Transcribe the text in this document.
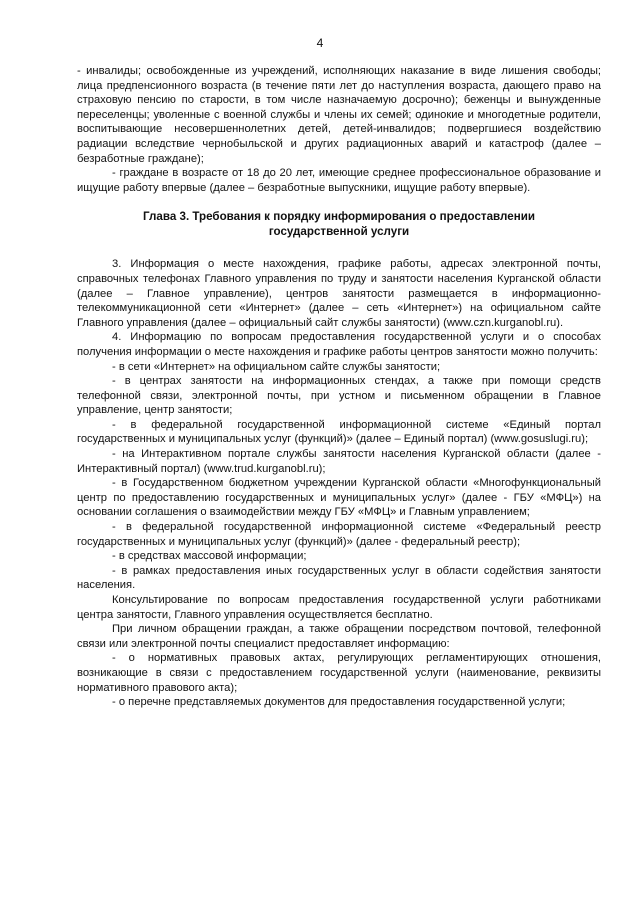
4

- инвалиды; освобожденные из учреждений, исполняющих наказание в виде лишения свободы; лица предпенсионного возраста (в течение пяти лет до наступления возраста, дающего право на страховую пенсию по старости, в том числе назначаемую досрочно); беженцы и вынужденные переселенцы; уволенные с военной службы и члены их семей; одинокие и многодетные родители, воспитывающие несовершеннолетних детей, детей-инвалидов; подвергшиеся воздействию радиации вследствие чернобыльской и других радиационных аварий и катастроф (далее – безработные граждане);

- граждане в возрасте от 18 до 20 лет, имеющие среднее профессиональное образование и ищущие работу впервые (далее – безработные выпускники, ищущие работу впервые).

Глава 3. Требования к порядку информирования о предоставлении государственной услуги

3. Информация о месте нахождения, графике работы, адресах электронной почты, справочных телефонах Главного управления по труду и занятости населения Курганской области (далее – Главное управление), центров занятости размещается в информационно-телекоммуникационной сети «Интернет» (далее – сеть «Интернет») на официальном сайте Главного управления (далее – официальный сайт службы занятости) (www.czn.kurganobl.ru).

4. Информацию по вопросам предоставления государственной услуги и о способах получения информации о месте нахождения и графике работы центров занятости можно получить:

- в сети «Интернет» на официальном сайте службы занятости;

- в центрах занятости на информационных стендах, а также при помощи средств телефонной связи, электронной почты, при устном и письменном обращении в Главное управление, центр занятости;

- в федеральной государственной информационной системе «Единый портал государственных и муниципальных услуг (функций)» (далее – Единый портал) (www.gosuslugi.ru);

- на Интерактивном портале службы занятости населения Курганской области (далее - Интерактивный портал) (www.trud.kurganobl.ru);

- в Государственном бюджетном учреждении Курганской области «Многофункциональный центр по предоставлению государственных и муниципальных услуг» (далее - ГБУ «МФЦ») на основании соглашения о взаимодействии между ГБУ «МФЦ» и Главным управлением;

- в федеральной государственной информационной системе «Федеральный реестр государственных и муниципальных услуг (функций)» (далее - федеральный реестр);

- в средствах массовой информации;

- в рамках предоставления иных государственных услуг в области содействия занятости населения.

Консультирование по вопросам предоставления государственной услуги работниками центра занятости, Главного управления осуществляется бесплатно.

При личном обращении граждан, а также обращении посредством почтовой, телефонной связи или электронной почты специалист предоставляет информацию:

- о нормативных правовых актах, регулирующих регламентирующих отношения, возникающие в связи с предоставлением государственной услуги (наименование, реквизиты нормативного правового акта);

- о перечне представляемых документов для предоставления государственной услуги;
